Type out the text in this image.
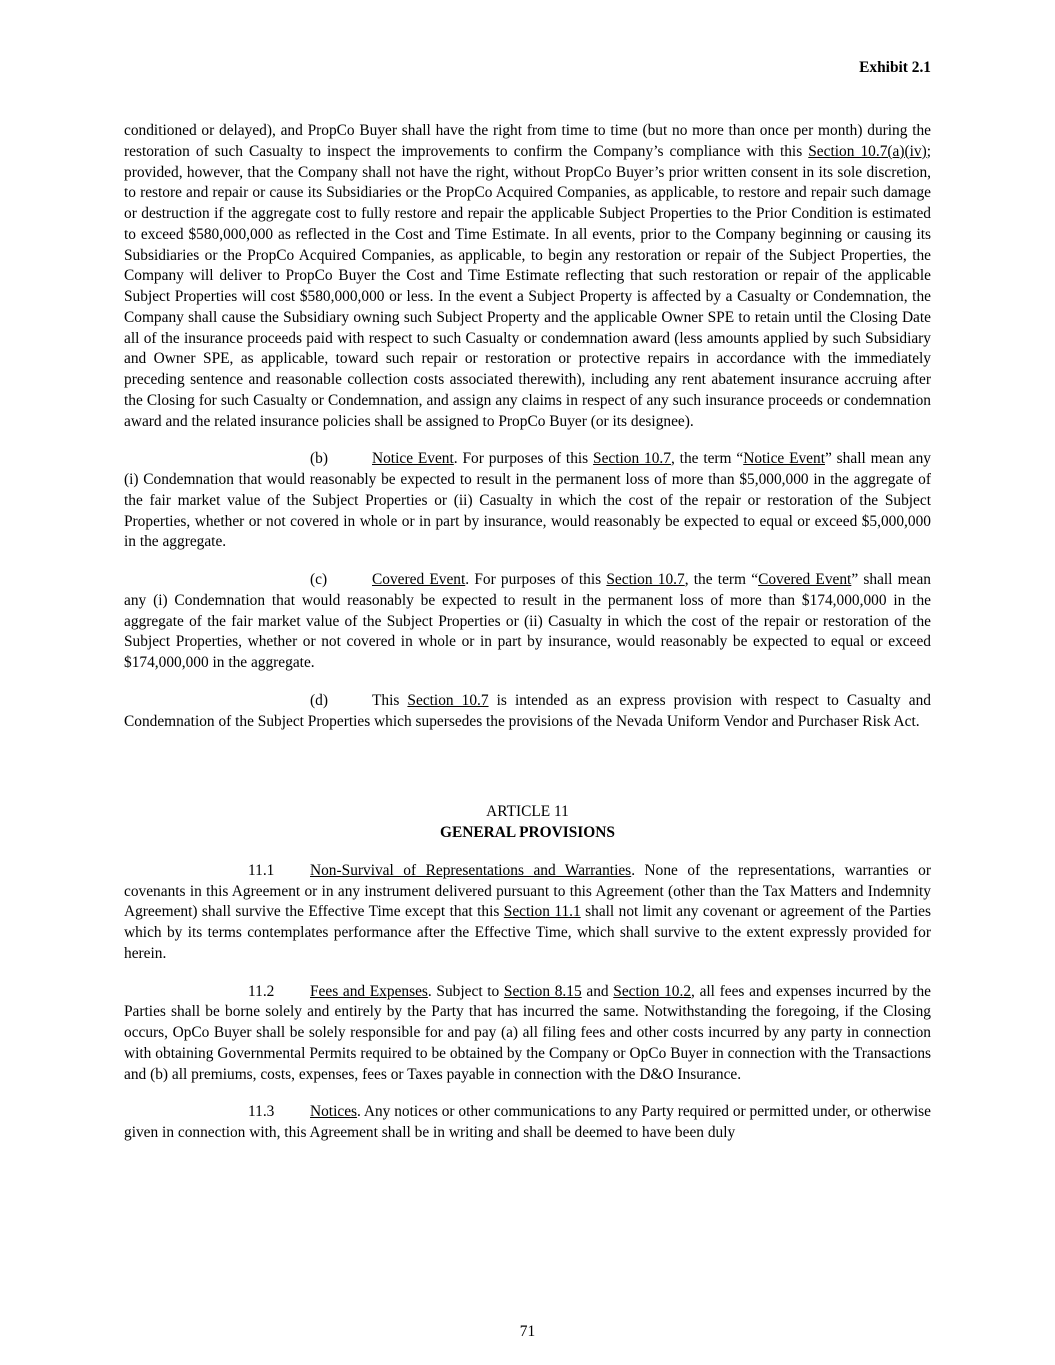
Exhibit 2.1

conditioned or delayed), and PropCo Buyer shall have the right from time to time (but no more than once per month) during the restoration of such Casualty to inspect the improvements to confirm the Company’s compliance with this Section 10.7(a)(iv); provided, however, that the Company shall not have the right, without PropCo Buyer’s prior written consent in its sole discretion, to restore and repair or cause its Subsidiaries or the PropCo Acquired Companies, as applicable, to restore and repair such damage or destruction if the aggregate cost to fully restore and repair the applicable Subject Properties to the Prior Condition is estimated to exceed $580,000,000 as reflected in the Cost and Time Estimate. In all events, prior to the Company beginning or causing its Subsidiaries or the PropCo Acquired Companies, as applicable, to begin any restoration or repair of the Subject Properties, the Company will deliver to PropCo Buyer the Cost and Time Estimate reflecting that such restoration or repair of the applicable Subject Properties will cost $580,000,000 or less. In the event a Subject Property is affected by a Casualty or Condemnation, the Company shall cause the Subsidiary owning such Subject Property and the applicable Owner SPE to retain until the Closing Date all of the insurance proceeds paid with respect to such Casualty or condemnation award (less amounts applied by such Subsidiary and Owner SPE, as applicable, toward such repair or restoration or protective repairs in accordance with the immediately preceding sentence and reasonable collection costs associated therewith), including any rent abatement insurance accruing after the Closing for such Casualty or Condemnation, and assign any claims in respect of any such insurance proceeds or condemnation award and the related insurance policies shall be assigned to PropCo Buyer (or its designee).

(b)	Notice Event. For purposes of this Section 10.7, the term “Notice Event” shall mean any (i) Condemnation that would reasonably be expected to result in the permanent loss of more than $5,000,000 in the aggregate of the fair market value of the Subject Properties or (ii) Casualty in which the cost of the repair or restoration of the Subject Properties, whether or not covered in whole or in part by insurance, would reasonably be expected to equal or exceed $5,000,000 in the aggregate.

(c)	Covered Event. For purposes of this Section 10.7, the term “Covered Event” shall mean any (i) Condemnation that would reasonably be expected to result in the permanent loss of more than $174,000,000 in the aggregate of the fair market value of the Subject Properties or (ii) Casualty in which the cost of the repair or restoration of the Subject Properties, whether or not covered in whole or in part by insurance, would reasonably be expected to equal or exceed $174,000,000 in the aggregate.

(d)	This Section 10.7 is intended as an express provision with respect to Casualty and Condemnation of the Subject Properties which supersedes the provisions of the Nevada Uniform Vendor and Purchaser Risk Act.

ARTICLE 11
GENERAL PROVISIONS

11.1 Non-Survival of Representations and Warranties. None of the representations, warranties or covenants in this Agreement or in any instrument delivered pursuant to this Agreement (other than the Tax Matters and Indemnity Agreement) shall survive the Effective Time except that this Section 11.1 shall not limit any covenant or agreement of the Parties which by its terms contemplates performance after the Effective Time, which shall survive to the extent expressly provided for herein.

11.2 Fees and Expenses. Subject to Section 8.15 and Section 10.2, all fees and expenses incurred by the Parties shall be borne solely and entirely by the Party that has incurred the same. Notwithstanding the foregoing, if the Closing occurs, OpCo Buyer shall be solely responsible for and pay (a) all filing fees and other costs incurred by any party in connection with obtaining Governmental Permits required to be obtained by the Company or OpCo Buyer in connection with the Transactions and (b) all premiums, costs, expenses, fees or Taxes payable in connection with the D&O Insurance.

11.3 Notices. Any notices or other communications to any Party required or permitted under, or otherwise given in connection with, this Agreement shall be in writing and shall be deemed to have been duly

71
